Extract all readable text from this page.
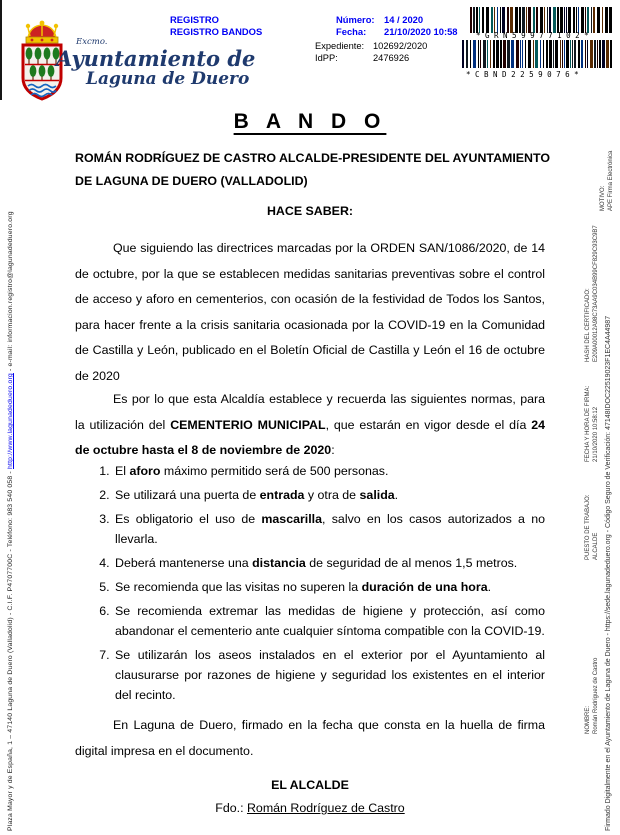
Excmo.
Ayuntamiento de
Laguna de Duero
REGISTRO
REGISTRO BANDOS
Número:	14 / 2020
Fecha:	21/10/2020 10:58
Expediente: 102692/2020
IdPP:	2476926
*GRN59977102*
*CBND2259076*
B A N D O
ROMÁN RODRÍGUEZ DE CASTRO ALCALDE-PRESIDENTE DEL AYUNTAMIENTO DE LAGUNA DE DUERO (VALLADOLID)
HACE SABER:

Que siguiendo las directrices marcadas por la ORDEN SAN/1086/2020, de 14 de octubre, por la que se establecen medidas sanitarias preventivas sobre el control de acceso y aforo en cementerios, con ocasión de la festividad de Todos los Santos, para hacer frente a la crisis sanitaria ocasionada por la COVID-19 en la Comunidad de Castilla y León, publicado en el Boletín Oficial de Castilla y León el 16 de octubre de 2020

Es por lo que esta Alcaldía establece y recuerda las siguientes normas, para la utilización del CEMENTERIO MUNICIPAL, que estarán en vigor desde el día 24 de octubre hasta el 8 de noviembre de 2020:

1. El aforo máximo permitido será de 500 personas.
2. Se utilizará una puerta de entrada y otra de salida.
3. Es obligatorio el uso de mascarilla, salvo en los casos autorizados a no llevarla.
4. Deberá mantenerse una distancia de seguridad de al menos 1,5 metros.
5. Se recomienda que las visitas no superen la duración de una hora.
6. Se recomienda extremar las medidas de higiene y protección, así como abandonar el cementerio ante cualquier síntoma compatible con la COVID-19.
7. Se utilizarán los aseos instalados en el exterior por el Ayuntamiento al clausurarse por razones de higiene y seguridad los existentes en el interior del recinto.

En Laguna de Duero, firmado en la fecha que consta en la huella de firma digital impresa en el documento.

EL ALCALDE
Fdo.: Román Rodríguez de Castro
Plaza Mayor y de España, 1 – 47140 Laguna de Duero (Valladolid) - C.I.F. P4707700C - Teléfono: 983 540 058 - http://www.lagunadeduero.org - e-mail: informacion.registro@lagunadeduero.org
NOMBRE: Román Rodríguez de Castro
PUESTO DE TRABAJO: ALCALDE
FECHA Y HORA DE FIRMA: 21/10/2020 10:58:12
HASH DEL CERTIFICADO: E209A00012A98C73AA9C034B99CF829C93C9B7
MOTIVO: APE Firma Electrónica
Firmado Digitalmente en el Ayuntamiento de Laguna de Duero - https://sede.lagunadeduero.org - Código Seguro de Verificación: 47148IDOC22519023F1EC4A44987
